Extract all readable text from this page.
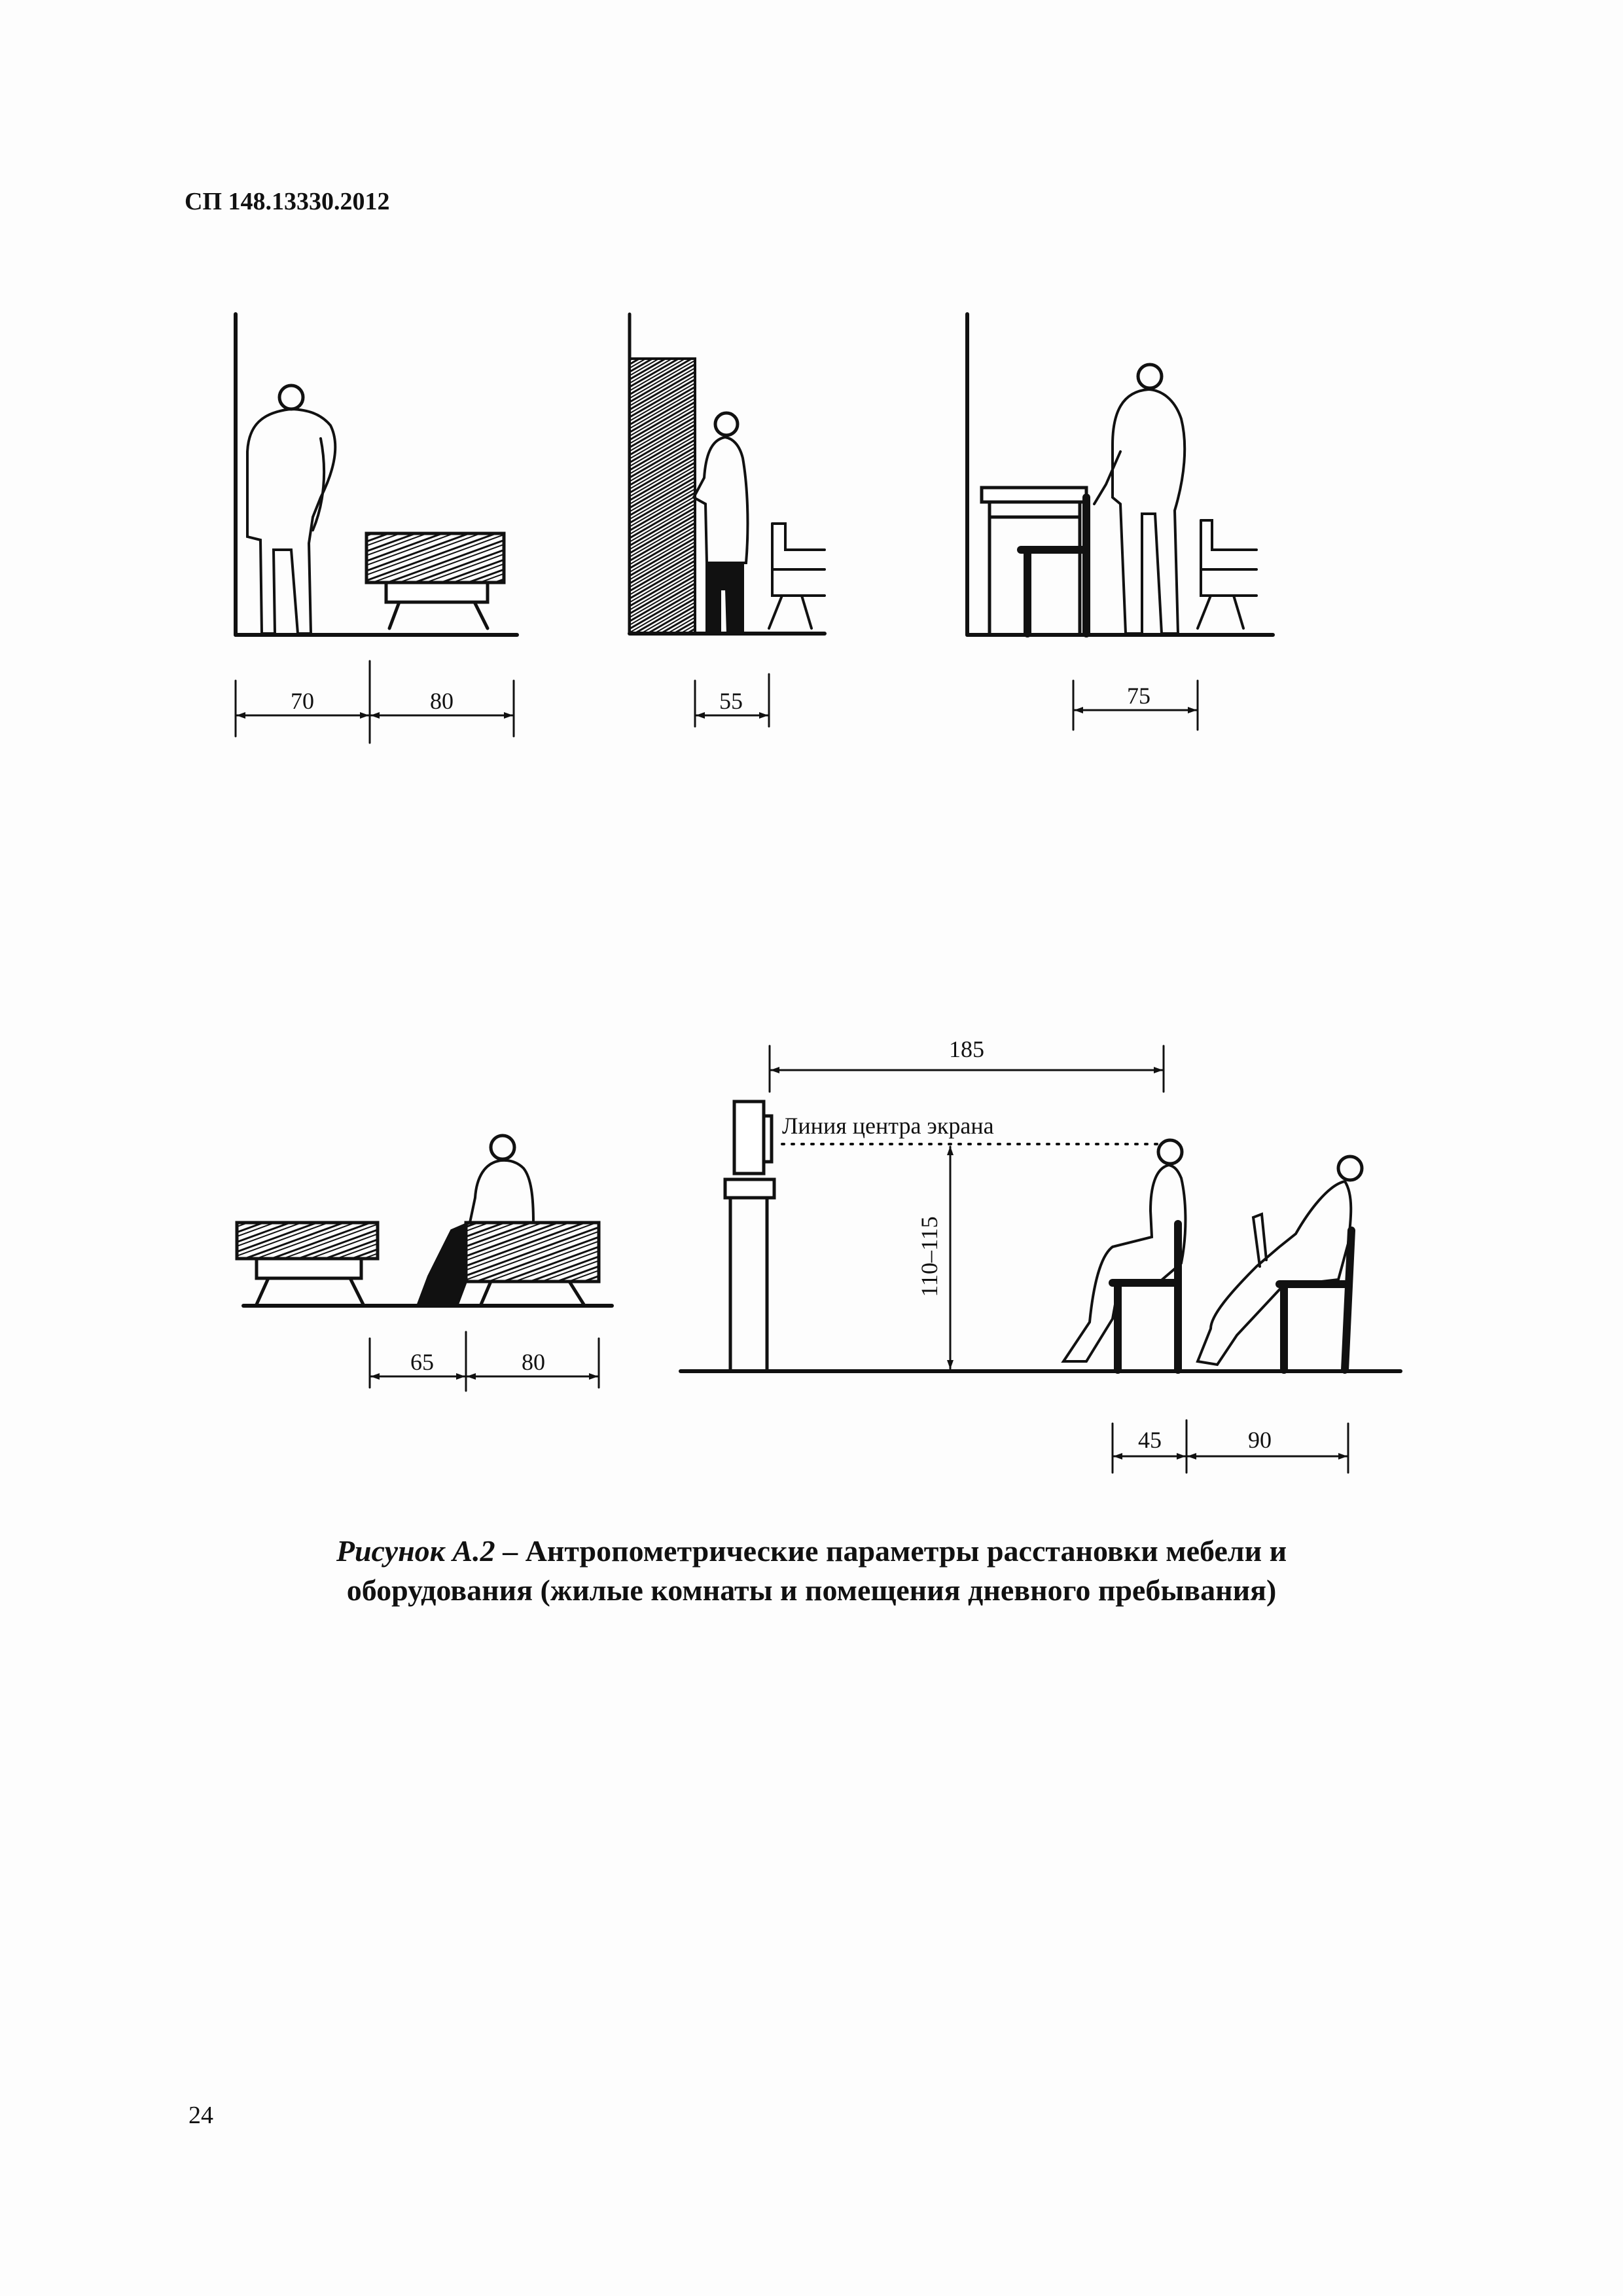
СП 148.13330.2012
70	80	55	75
65	80
185
Линия центра экрана
110–115
45	90
Рисунок А.2 – Антропометрические параметры расстановки мебели и
оборудования (жилые комнаты и помещения дневного пребывания)
24
